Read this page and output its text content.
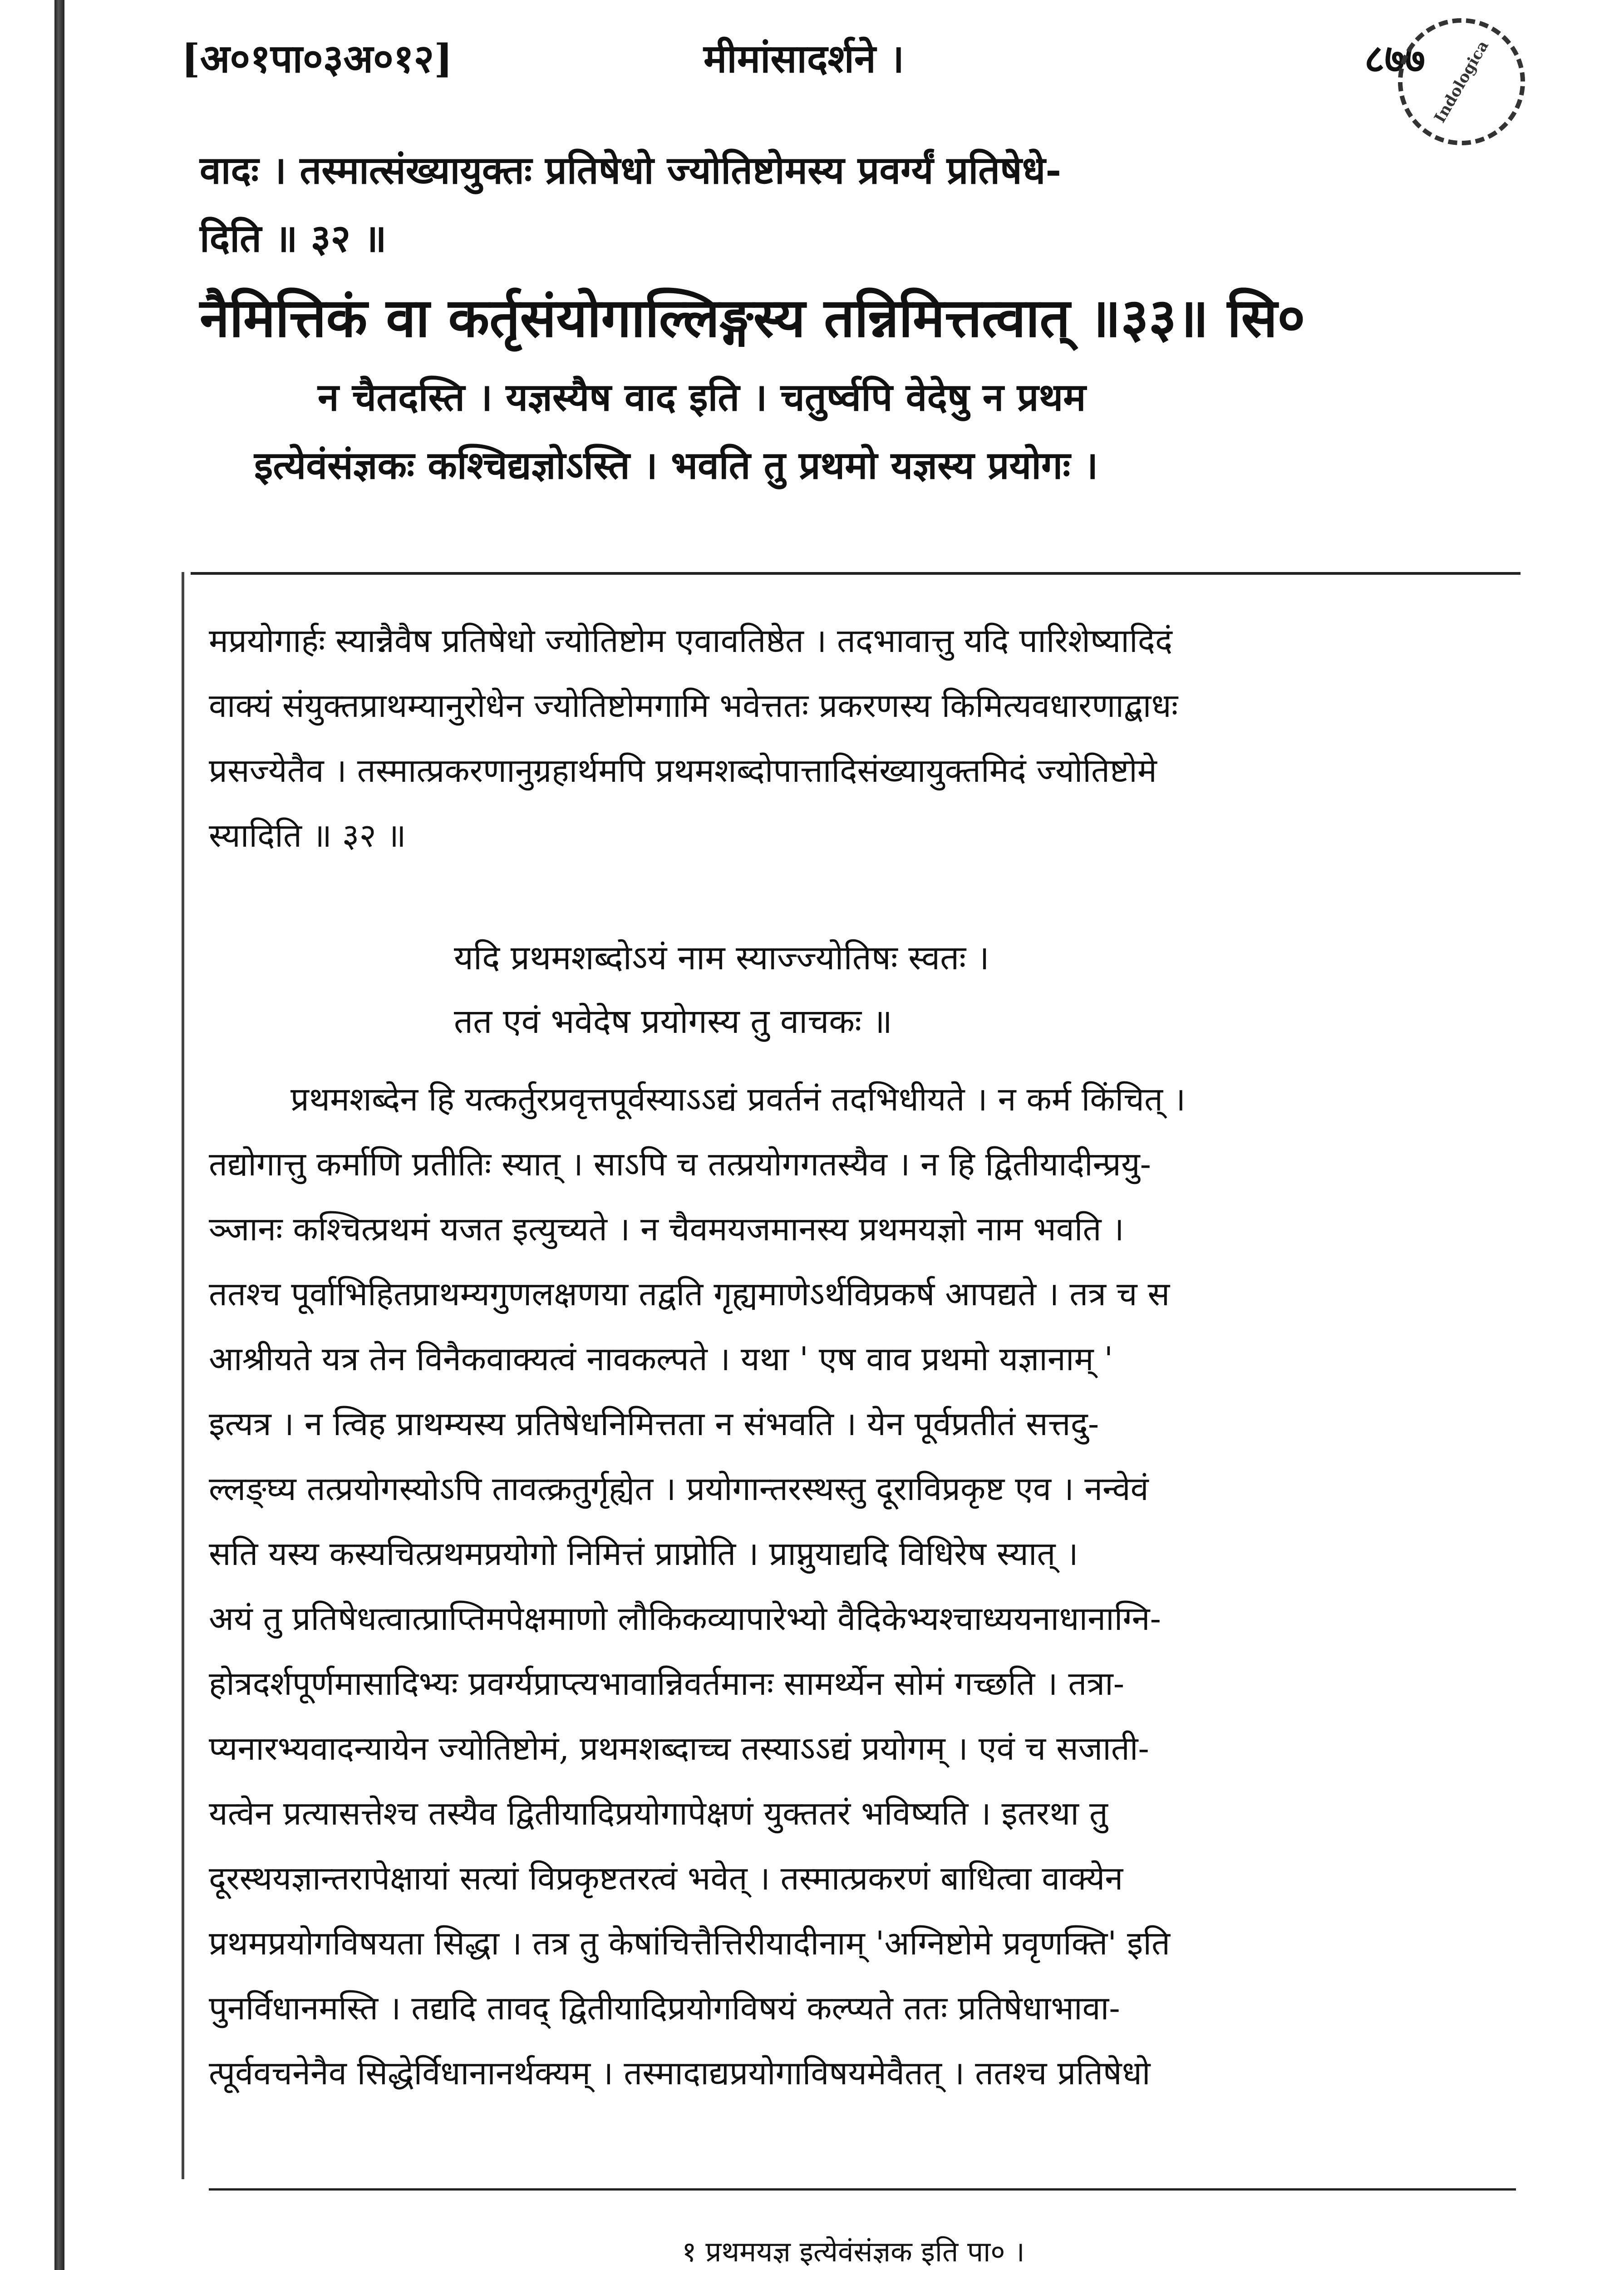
[अ०१पा०३अ०१२]	मीमांसादर्शने ।	८७७ Indologica
वादः । तस्मात्संख्यायुक्तः प्रतिषेधो ज्योतिष्टोमस्य प्रवर्ग्यं प्रतिषेधे-
दिति ॥ ३२ ॥
नैमित्तिकं वा कर्तृसंयोगाल्लिङ्गस्य तन्निमित्तत्वात् ॥३३॥ सि०
न चैतदस्ति । यज्ञस्यैष वाद इति । चतुर्ष्वपि वेदेषु न प्रथम
इत्येवंसंज्ञकः कश्चिद्यज्ञोऽस्ति । भवति तु प्रथमो यज्ञस्य प्रयोगः ।
मप्रयोगार्हः स्यान्नैवैष प्रतिषेधो ज्योतिष्टोम एवावतिष्ठेत । तदभावात्तु यदि पारिशेष्यादिदं
वाक्यं संयुक्तप्राथम्यानुरोधेन ज्योतिष्टोमगामि भवेत्ततः प्रकरणस्य किमित्यवधारणाद्बाधः
प्रसज्येतैव । तस्मात्प्रकरणानुग्रहार्थमपि प्रथमशब्दोपात्तादिसंख्यायुक्तमिदं ज्योतिष्टोमे
स्यादिति ॥ ३२ ॥
यदि प्रथमशब्दोऽयं नाम स्याज्ज्योतिषः स्वतः ।
तत एवं भवेदेष प्रयोगस्य तु वाचकः ॥
प्रथमशब्देन हि यत्कर्तुरप्रवृत्तपूर्वस्याऽऽद्यं प्रवर्तनं तदभिधीयते । न कर्म किंचित् ।
तद्योगात्तु कर्माणि प्रतीतिः स्यात् । साऽपि च तत्प्रयोगगतस्यैव । न हि द्वितीयादीन्प्रयु-
ञ्जानः कश्चित्प्रथमं यजत इत्युच्यते । न चैवमयजमानस्य प्रथमयज्ञो नाम भवति ।
ततश्च पूर्वाभिहितप्राथम्यगुणलक्षणया तद्वति गृह्यमाणेऽर्थविप्रकर्ष आपद्यते । तत्र च स
आश्रीयते यत्र तेन विनैकवाक्यत्वं नावकल्पते । यथा ' एष वाव प्रथमो यज्ञानाम् '
इत्यत्र । न त्विह प्राथम्यस्य प्रतिषेधनिमित्तता न संभवति । येन पूर्वप्रतीतं सत्तदु-
ल्लङ्घ्य तत्प्रयोगस्योऽपि तावत्क्रतुर्गृह्येत । प्रयोगान्तरस्थस्तु दूराविप्रकृष्ट एव । नन्वेवं
सति यस्य कस्यचित्प्रथमप्रयोगो निमित्तं प्राप्नोति । प्राप्नुयाद्यदि विधिरेष स्यात् ।
अयं तु प्रतिषेधत्वात्प्राप्तिमपेक्षमाणो लौकिकव्यापारेभ्यो वैदिकेभ्यश्चाध्ययनाधानाग्नि-
होत्रदर्शपूर्णमासादिभ्यः प्रवर्ग्यप्राप्त्यभावान्निवर्तमानः सामर्थ्येन सोमं गच्छति । तत्रा-
प्यनारभ्यवादन्यायेन ज्योतिष्टोमं, प्रथमशब्दाच्च तस्याऽऽद्यं प्रयोगम् । एवं च सजाती-
यत्वेन प्रत्यासत्तेश्च तस्यैव द्वितीयादिप्रयोगापेक्षणं युक्ततरं भविष्यति । इतरथा तु
दूरस्थयज्ञान्तरापेक्षायां सत्यां विप्रकृष्टतरत्वं भवेत् । तस्मात्प्रकरणं बाधित्वा वाक्येन
प्रथमप्रयोगविषयता सिद्धा । तत्र तु केषांचित्तैत्तिरीयादीनाम् 'अग्निष्टोमे प्रवृणक्ति' इति
पुनर्विधानमस्ति । तद्यदि तावद् द्वितीयादिप्रयोगविषयं कल्प्यते ततः प्रतिषेधाभावा-
त्पूर्ववचनेनैव सिद्धेर्विधानानर्थक्यम् । तस्मादाद्यप्रयोगाविषयमेवैतत् । ततश्च प्रतिषेधो
१ प्रथमयज्ञ इत्येवंसंज्ञक इति पा० ।
